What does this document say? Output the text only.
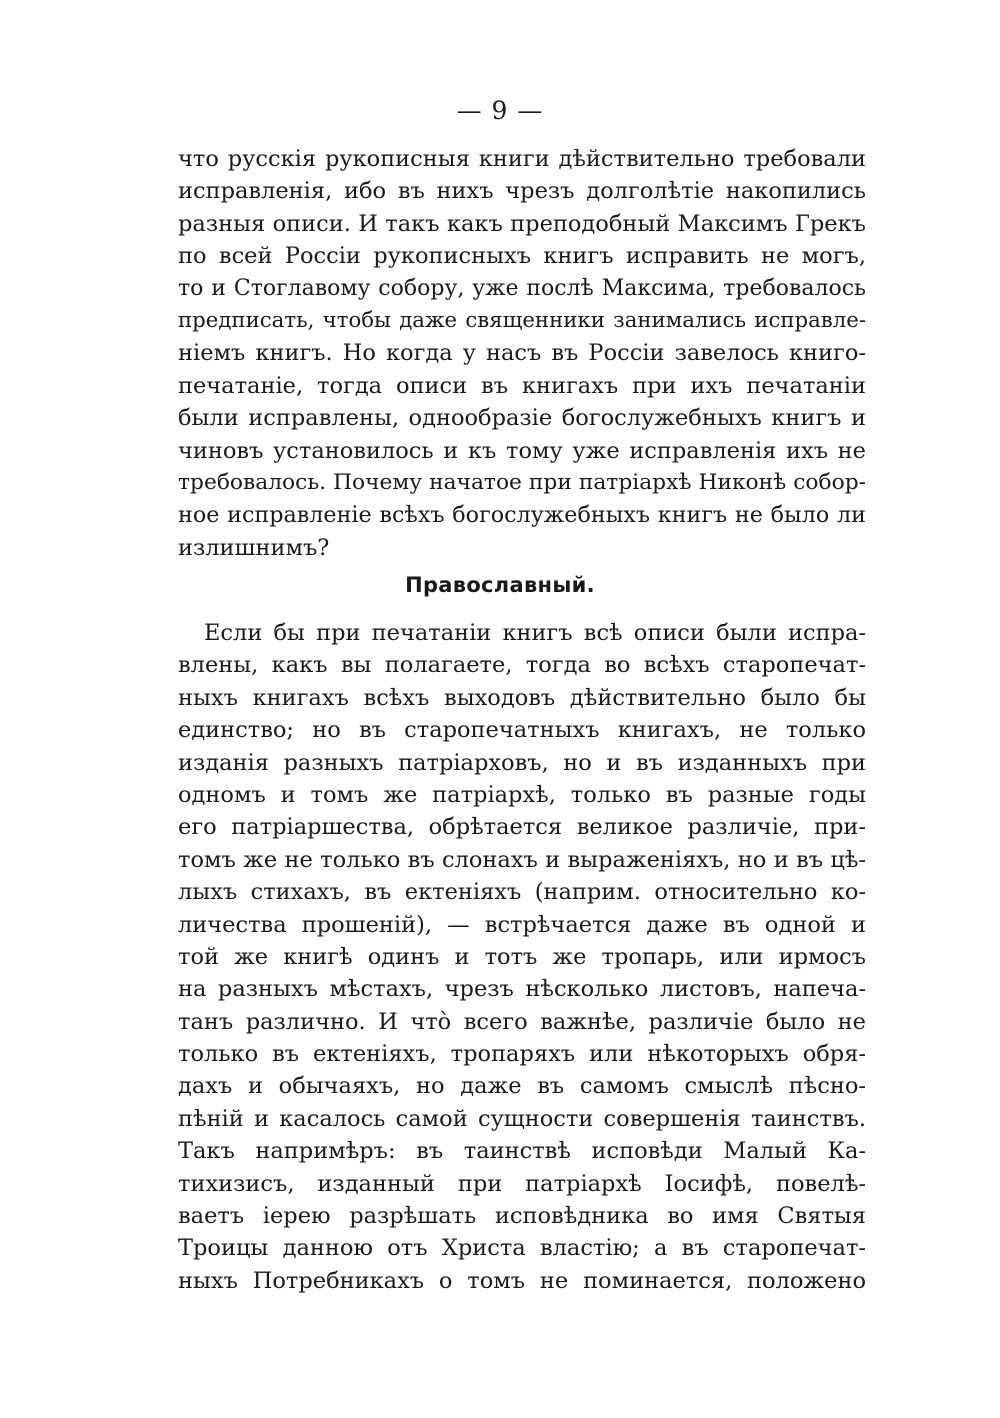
— 9 —
что русскія рукописныя книги дѣйствительно требовали
исправленія, ибо въ нихъ чрезъ долголѣтіе накопились
разныя описи. И такъ какъ преподобный Максимъ Грекъ
по всей Россіи рукописныхъ книгъ исправить не могъ,
то и Стоглавому собору, уже послѣ Максима, требовалось
предписать, чтобы даже священники занимались исправле-
ніемъ книгъ. Но когда у насъ въ Россіи завелось книго-
печатаніе, тогда описи въ книгахъ при ихъ печатаніи
были исправлены, однообразіе богослужебныхъ книгъ и
чиновъ установилось и къ тому уже исправленія ихъ не
требовалось. Почему начатое при патріархѣ Никонѣ собор-
ное исправленіе всѣхъ богослужебныхъ книгъ не было ли
излишнимъ?
Православный.
Если бы при печатаніи книгъ всѣ описи были испра-
влены, какъ вы полагаете, тогда во всѣхъ старопечат-
ныхъ книгахъ всѣхъ выходовъ дѣйствительно было бы
единство; но въ старопечатныхъ книгахъ, не только
изданія разныхъ патріарховъ, но и въ изданныхъ при
одномъ и томъ же патріархѣ, только въ разные годы
его патріаршества, обрѣтается великое различіе, при-
томъ же не только въ слонахъ и выраженіяхъ, но и въ цѣ-
лыхъ стихахъ, въ ектеніяхъ (наприм. относительно ко-
личества прошеній), — встрѣчается даже въ одной и
той же книгѣ одинъ и тотъ же тропарь, или ирмосъ
на разныхъ мѣстахъ, чрезъ нѣсколько листовъ, напеча-
танъ различно. И что̀ всего важнѣе, различіе было не
только въ ектеніяхъ, тропаряхъ или нѣкоторыхъ обря-
дахъ и обычаяхъ, но даже въ самомъ смыслѣ пѣсно-
пѣній и касалось самой сущности совершенія таинствъ.
Такъ напримѣръ: въ таинствѣ исповѣди Малый Ка-
тихизисъ, изданный при патріархѣ Іосифѣ, повелѣ-
ваетъ іерею разрѣшать исповѣдника во имя Святыя
Троицы данною отъ Христа властію; а въ старопечат-
ныхъ Потребникахъ о томъ не поминается, положено
